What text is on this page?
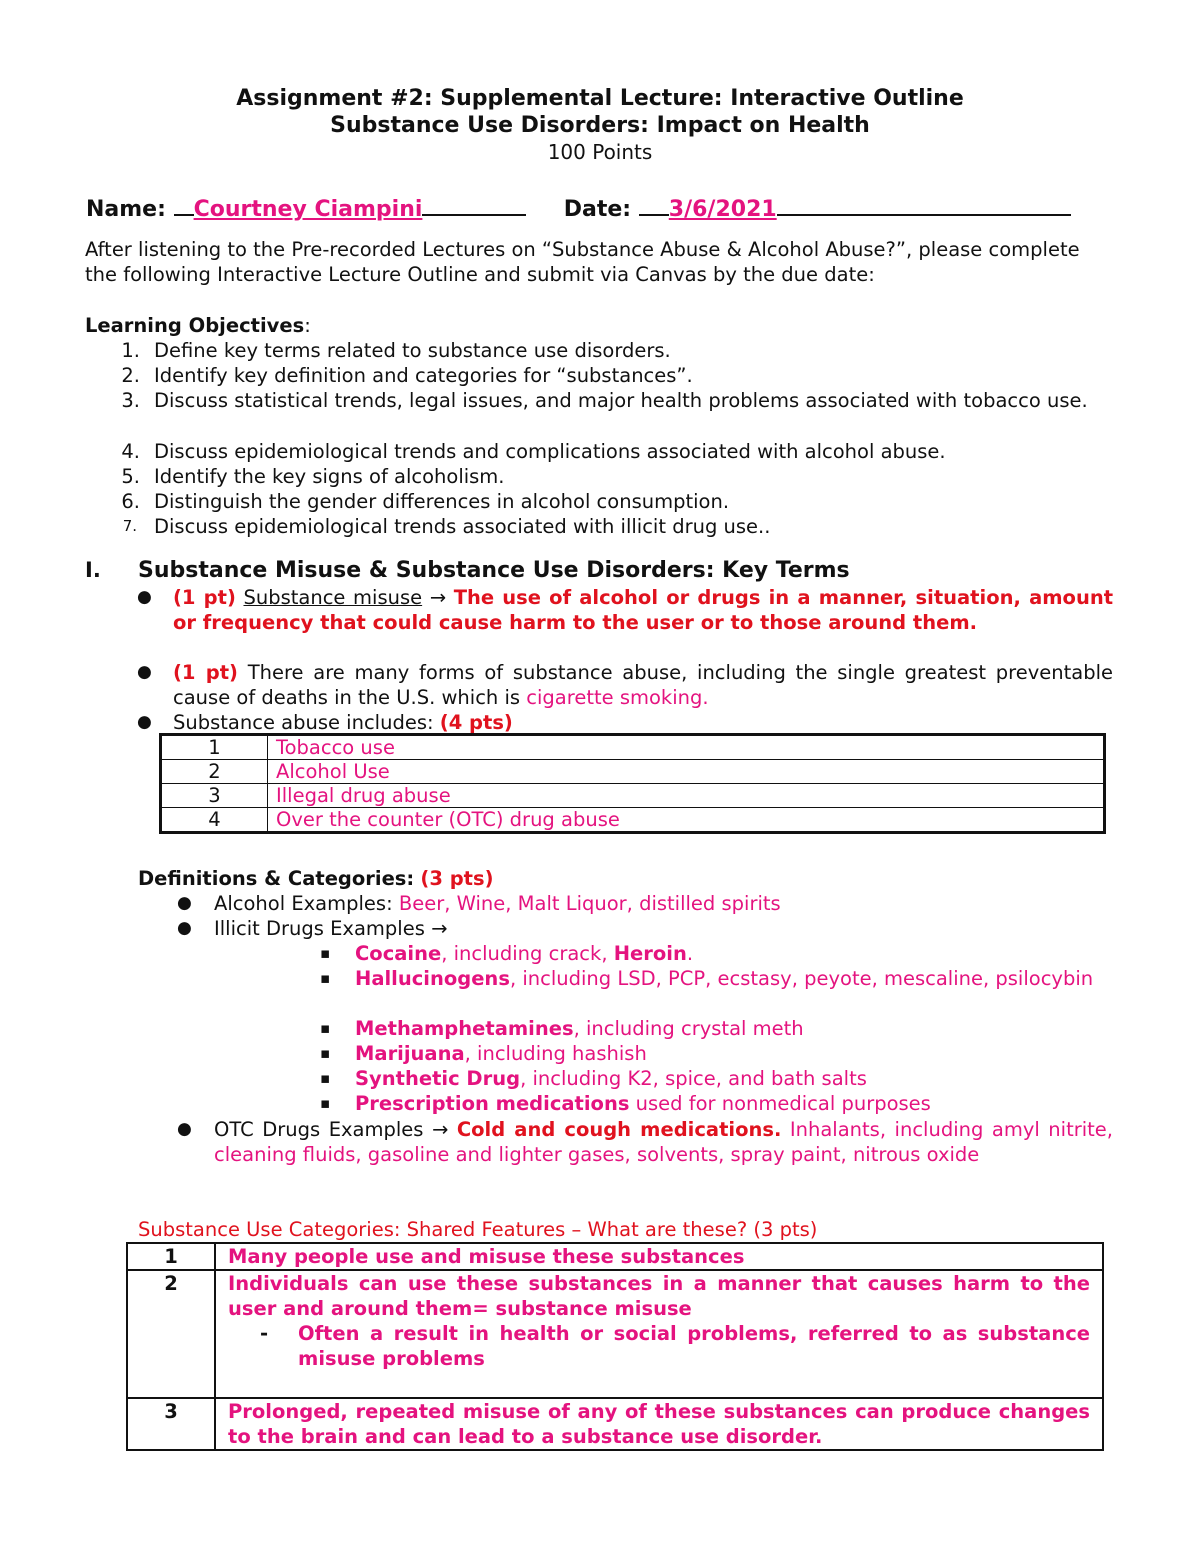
Assignment #2: Supplemental Lecture: Interactive Outline
Substance Use Disorders: Impact on Health
100 Points
Name: Courtney Ciampini	Date: 3/6/2021
After listening to the Pre-recorded Lectures on “Substance Abuse & Alcohol Abuse?”, please complete the following Interactive Lecture Outline and submit via Canvas by the due date:
Learning Objectives:
1. Define key terms related to substance use disorders.
2. Identify key definition and categories for “substances”.
3. Discuss statistical trends, legal issues, and major health problems associated with tobacco use.
4. Discuss epidemiological trends and complications associated with alcohol abuse.
5. Identify the key signs of alcoholism.
6. Distinguish the gender differences in alcohol consumption.
7. Discuss epidemiological trends associated with illicit drug use..
I. Substance Misuse & Substance Use Disorders: Key Terms
● (1 pt) Substance misuse → The use of alcohol or drugs in a manner, situation, amount or frequency that could cause harm to the user or to those around them.
● (1 pt) There are many forms of substance abuse, including the single greatest preventable cause of deaths in the U.S. which is cigarette smoking.
● Substance abuse includes: (4 pts)
1	Tobacco use
2	Alcohol Use
3	Illegal drug abuse
4	Over the counter (OTC) drug abuse
Definitions & Categories: (3 pts)
● Alcohol Examples: Beer, Wine, Malt Liquor, distilled spirits
● Illicit Drugs Examples →
▪ Cocaine, including crack, Heroin.
▪ Hallucinogens, including LSD, PCP, ecstasy, peyote, mescaline, psilocybin
▪ Methamphetamines, including crystal meth
▪ Marijuana, including hashish
▪ Synthetic Drug, including K2, spice, and bath salts
▪ Prescription medications used for nonmedical purposes
● OTC Drugs Examples → Cold and cough medications. Inhalants, including amyl nitrite, cleaning fluids, gasoline and lighter gases, solvents, spray paint, nitrous oxide
Substance Use Categories: Shared Features – What are these? (3 pts)
1	Many people use and misuse these substances
2	Individuals can use these substances in a manner that causes harm to the user and around them= substance misuse
- Often a result in health or social problems, referred to as substance misuse problems

3	Prolonged, repeated misuse of any of these substances can produce changes to the brain and can lead to a substance use disorder.
